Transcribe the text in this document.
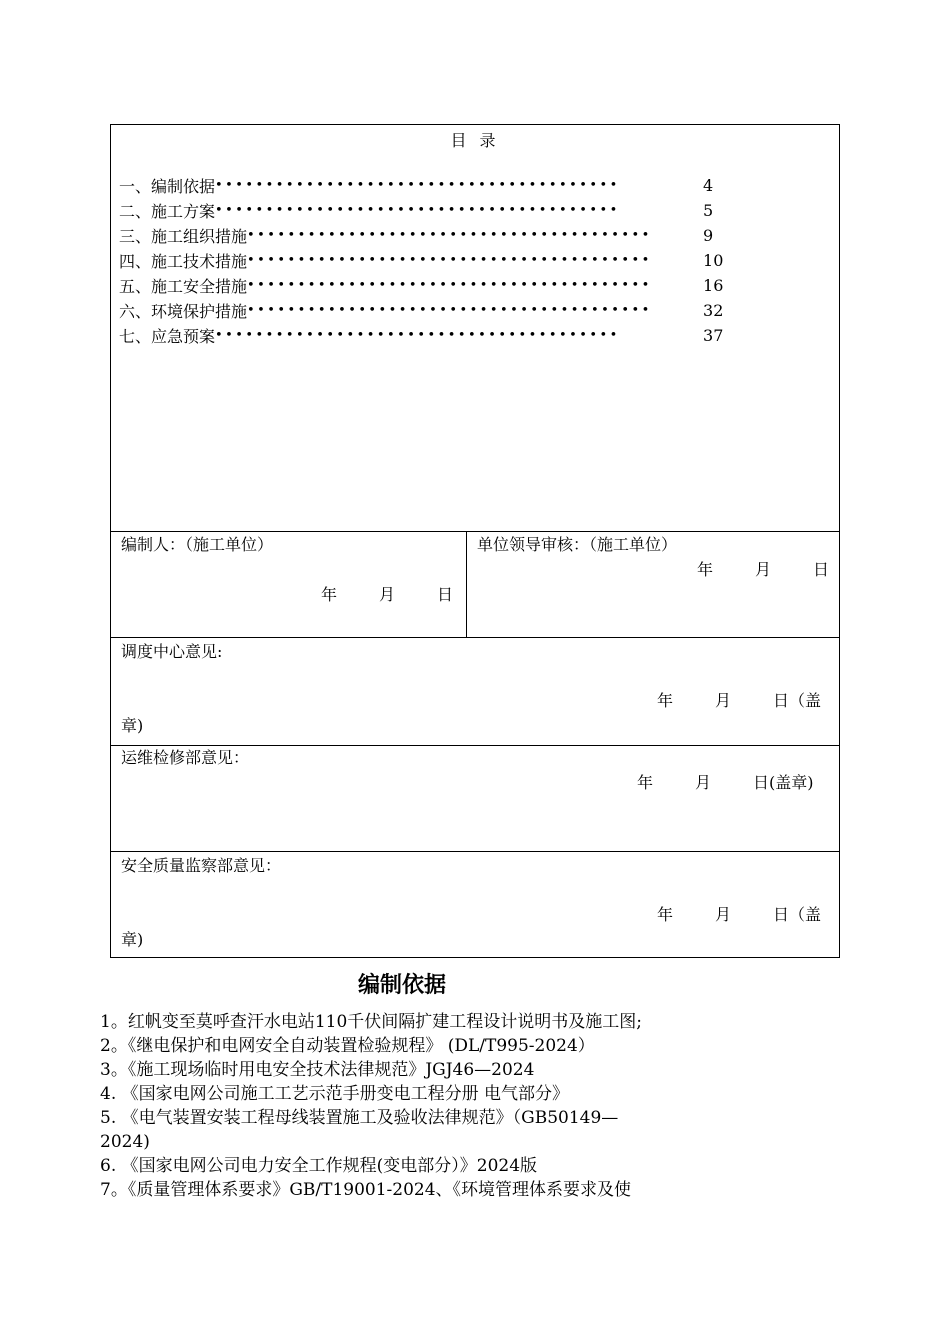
目 录
一、编制依据 ••••••••••••••••••••••••••••••••••••••••	4
二、施工方案 ••••••••••••••••••••••••••••••••••••••••	5
三、施工组织措施 ••••••••••••••••••••••••••••••••••••••••	9
四、施工技术措施 ••••••••••••••••••••••••••••••••••••••••	10
五、施工安全措施 ••••••••••••••••••••••••••••••••••••••••	16
六、环境保护措施 ••••••••••••••••••••••••••••••••••••••••	32
七、应急预案 ••••••••••••••••••••••••••••••••••••••••	37
编制人：（施工单位）
年	月	日
单位领导审核：（施工单位）
年	月	日
调度中心意见:
年	月	日（盖
章)
运维检修部意见：
年	月	日(盖章)
安全质量监察部意见：
年	月	日（盖
章)
编制依据
1。红帆变至莫呼查汗水电站110千伏间隔扩建工程设计说明书及施工图;
2。《继电保护和电网安全自动装置检验规程》 (DL/T995-2024）
3。《施工现场临时用电安全技术法律规范》JGJ46—2024
4. 《国家电网公司施工工艺示范手册变电工程分册 电气部分》
5. 《电气装置安装工程母线装置施工及验收法律规范》（GB50149—
2024)
6. 《国家电网公司电力安全工作规程(变电部分）》2024版
7。《质量管理体系要求》GB/T19001-2024、《环境管理体系要求及使
